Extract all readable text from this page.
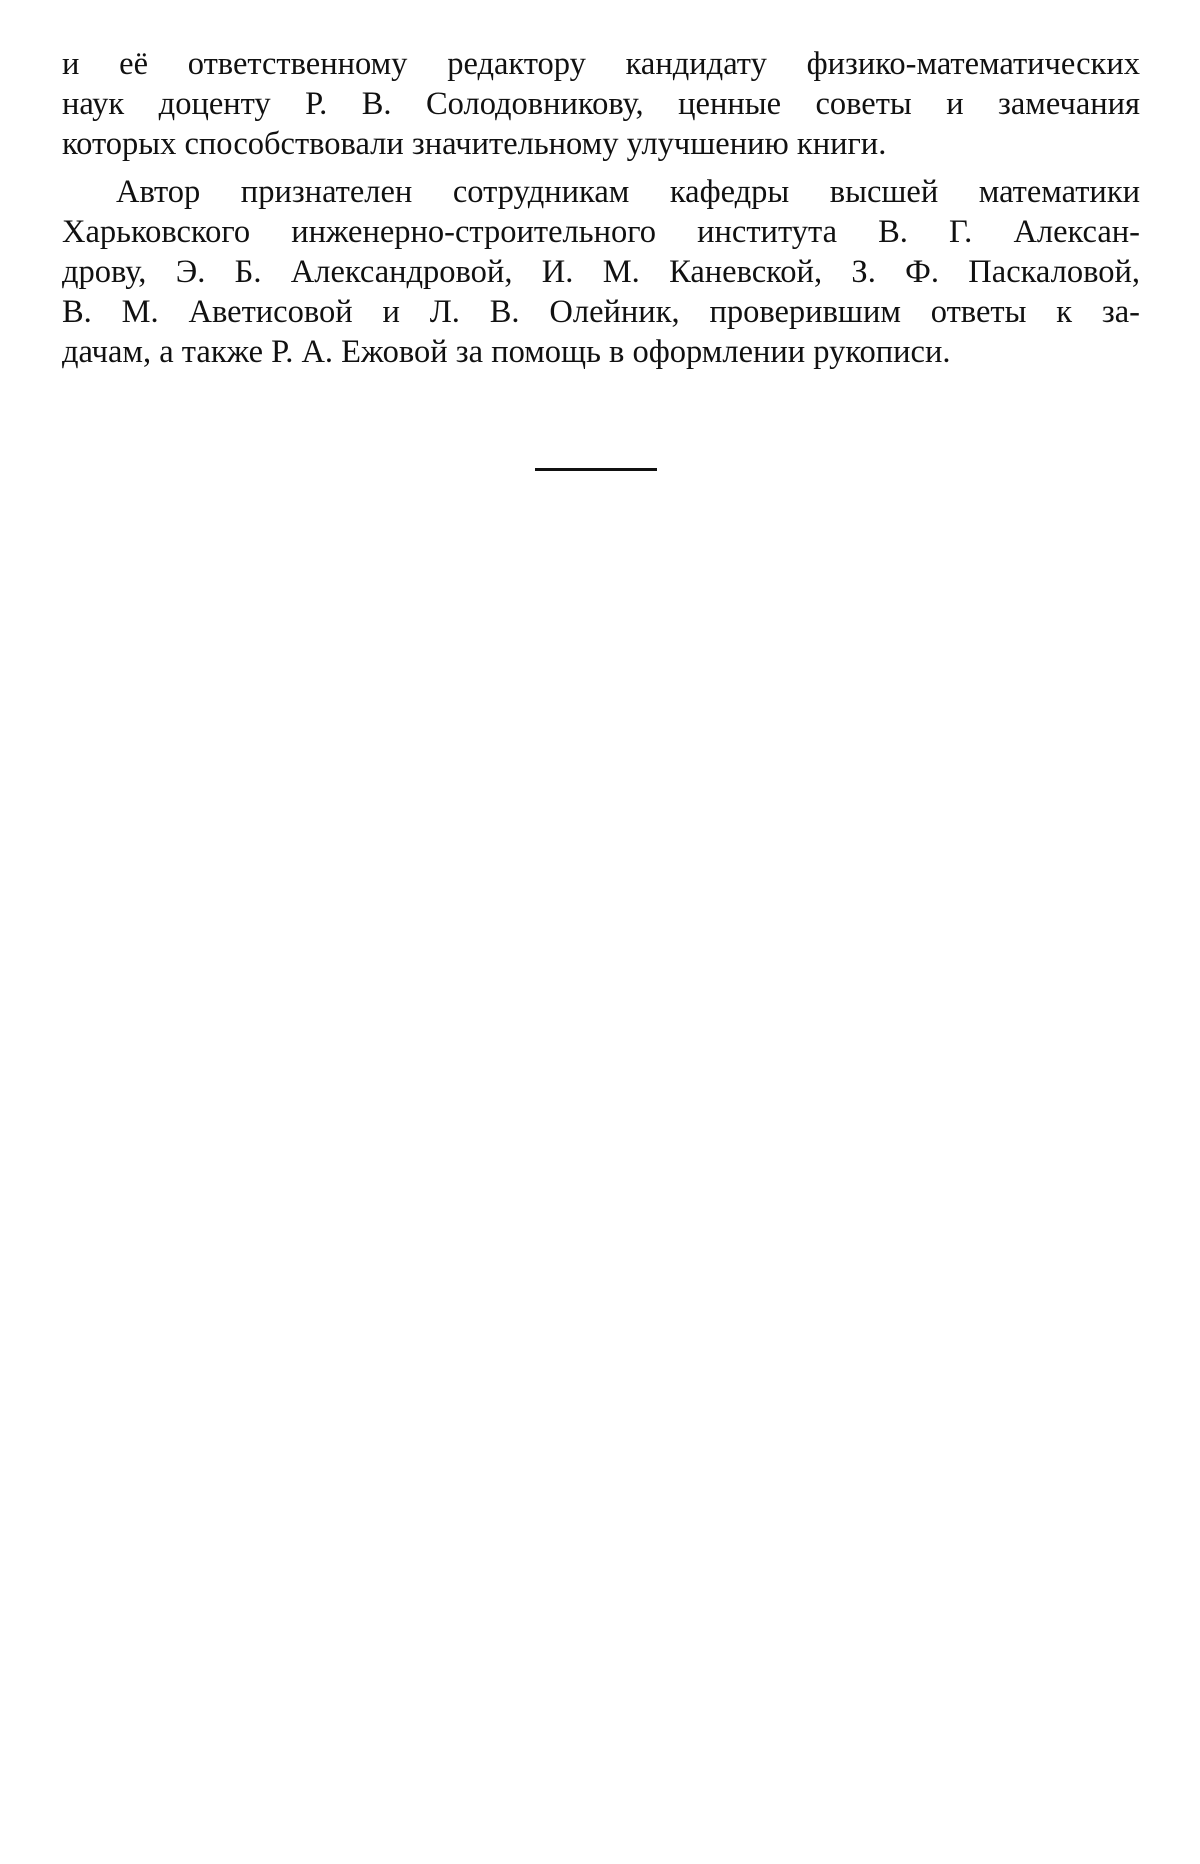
и её ответственному редактору кандидату физико-математических
наук доценту Р. В. Солодовникову, ценные советы и замечания
которых способствовали значительному улучшению книги.
Автор признателен сотрудникам кафедры высшей математики
Харьковского инженерно-строительного института В. Г. Алексан-
дрову, Э. Б. Александровой, И. М. Каневской, З. Ф. Паскаловой,
В. М. Аветисовой и Л. В. Олейник, проверившим ответы к за-
дачам, а также Р. А. Ежовой за помощь в оформлении рукописи.
